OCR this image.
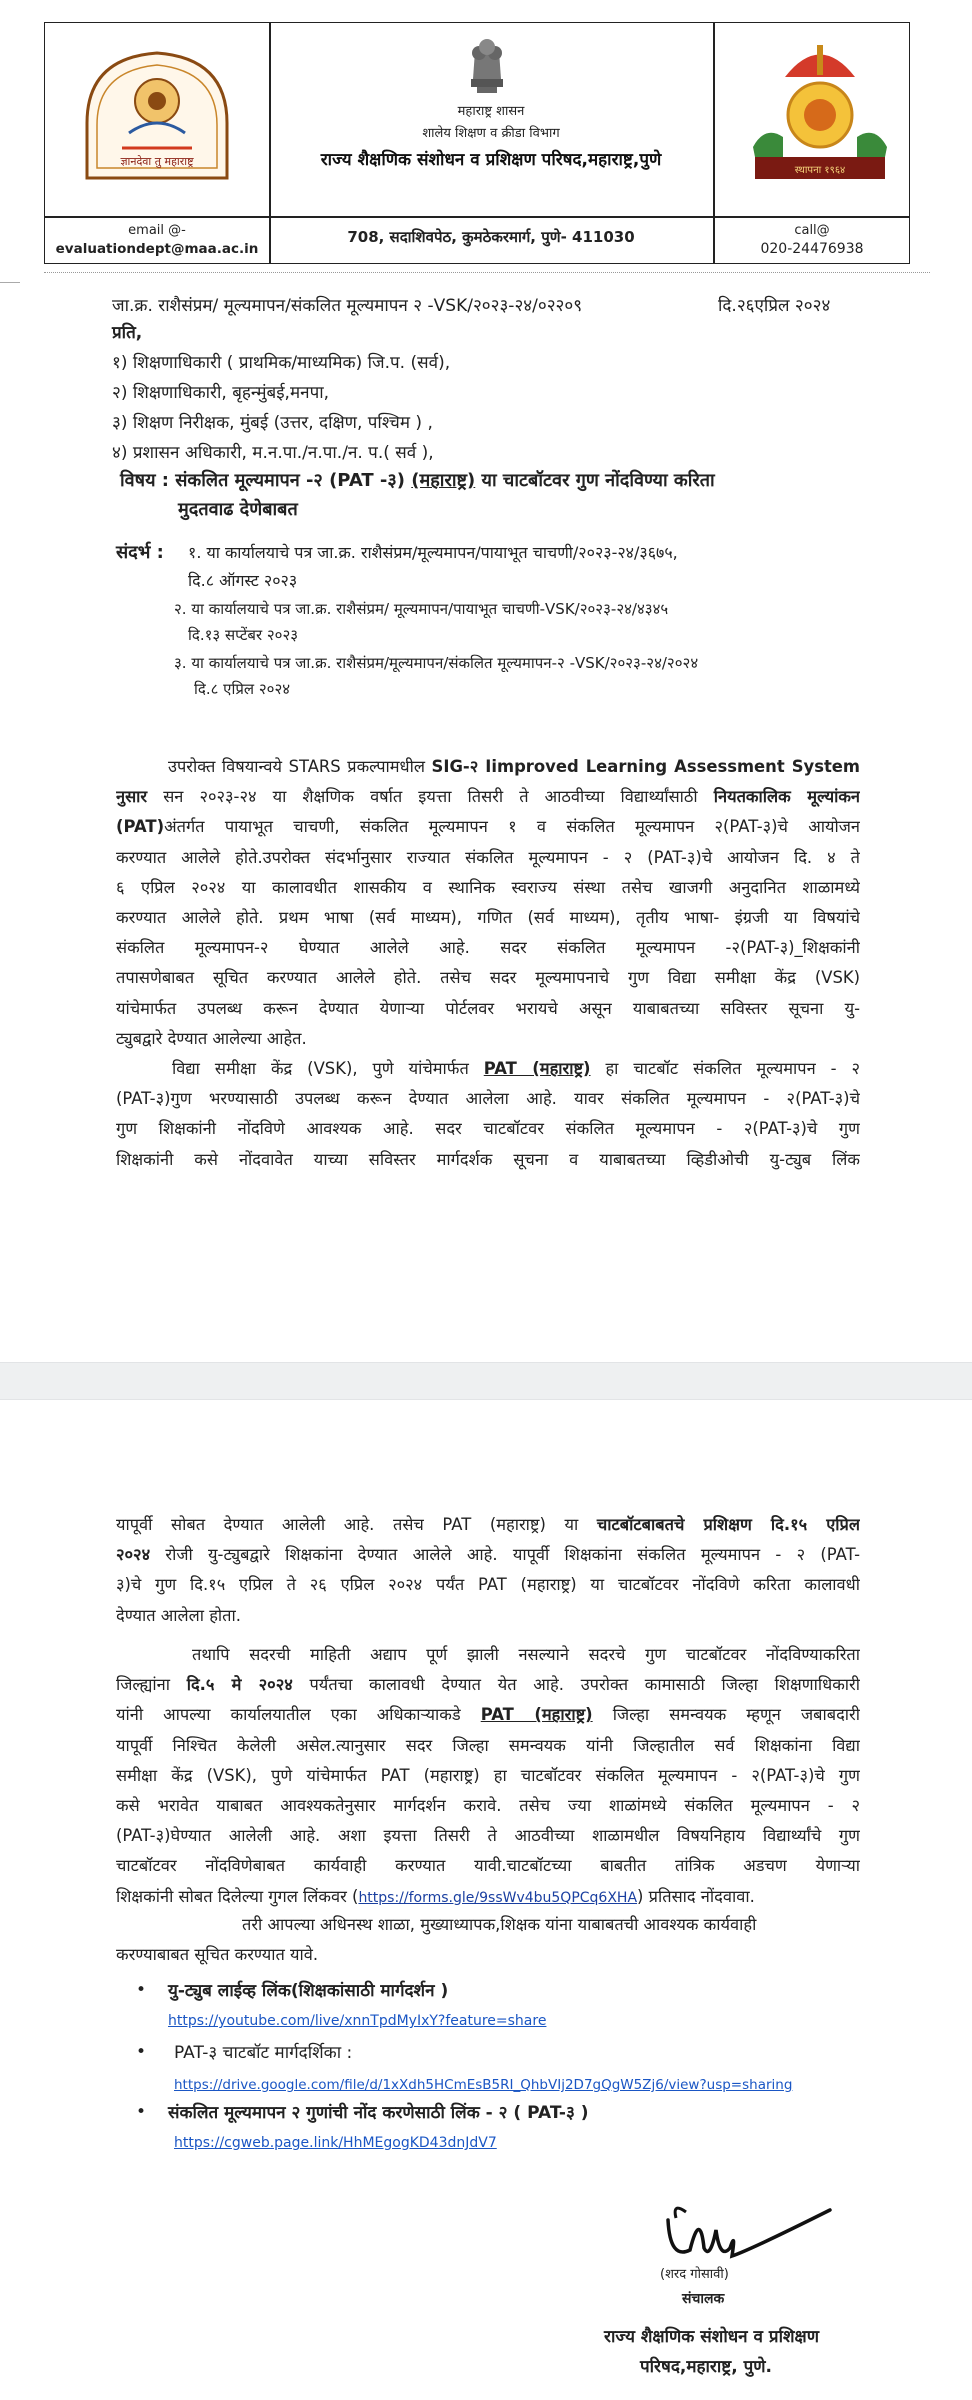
ज्ञानदेवा तु महाराष्ट्र
महाराष्ट्र शासन
शालेय शिक्षण व क्रीडा विभाग
राज्य शैक्षणिक संशोधन व प्रशिक्षण परिषद,महाराष्ट्र,पुणे
स्थापना १९६४
email @-
evaluationdept@maa.ac.in
708, सदाशिवपेठ, कुमठेकरमार्ग, पुणे- 411030	call@
020-24476938
जा.क्र. राशैसंप्रम/ मूल्यमापन/संकलित मूल्यमापन २ -VSK/२०२३-२४/०२२०९	दि.२६एप्रिल २०२४
प्रति,
१) शिक्षणाधिकारी ( प्राथमिक/माध्यमिक) जि.प. (सर्व),
२) शिक्षणाधिकारी, बृहन्मुंबई,मनपा,
३) शिक्षण निरीक्षक, मुंबई (उत्तर, दक्षिण, पश्चिम ) ,
४) प्रशासन अधिकारी, म.न.पा./न.पा./न. प.( सर्व ),
विषय : संकलित मूल्यमापन -२ (PAT -३) (महाराष्ट्र) या चाटबॉटवर गुण नोंदविण्या करिता
मुदतवाढ देणेबाबत
संदर्भ : १. या कार्यालयाचे पत्र जा.क्र. राशैसंप्रम/मूल्यमापन/पायाभूत चाचणी/२०२३-२४/३६७५,
दि.८ ऑगस्ट २०२३
२. या कार्यालयाचे पत्र जा.क्र. राशैसंप्रम/ मूल्यमापन/पायाभूत चाचणी-VSK/२०२३-२४/४३४५
दि.१३ सप्टेंबर २०२३
३. या कार्यालयाचे पत्र जा.क्र. राशैसंप्रम/मूल्यमापन/संकलित मूल्यमापन-२ -VSK/२०२३-२४/२०२४
दि.८ एप्रिल २०२४
उपरोक्त विषयान्वये STARS प्रकल्पामधील SIG-२ Iimproved Learning Assessment System
नुसार सन २०२३-२४ या शैक्षणिक वर्षात इयत्ता तिसरी ते आठवीच्या विद्यार्थ्यांसाठी नियतकालिक मूल्यांकन
(PAT)अंतर्गत पायाभूत चाचणी, संकलित मूल्यमापन १ व संकलित मूल्यमापन २(PAT-३)चे आयोजन
करण्यात आलेले होते.उपरोक्त संदर्भानुसार राज्यात संकलित मूल्यमापन - २ (PAT-३)चे आयोजन दि. ४ ते
६ एप्रिल २०२४ या कालावधीत शासकीय व स्थानिक स्वराज्य संस्था तसेच खाजगी अनुदानित शाळामध्ये
करण्यात आलेले होते. प्रथम भाषा (सर्व माध्यम), गणित (सर्व माध्यम), तृतीय भाषा- इंग्रजी या विषयांचे
संकलित मूल्यमापन-२ घेण्यात आलेले आहे. सदर संकलित मूल्यमापन -२(PAT-३)_शिक्षकांनी
तपासणेबाबत सूचित करण्यात आलेले होते. तसेच सदर मूल्यमापनाचे गुण विद्या समीक्षा केंद्र (VSK)
यांचेमार्फत उपलब्ध करून देण्यात येणाऱ्या पोर्टलवर भरायचे असून याबाबतच्या सविस्तर सूचना यु-
ट्युबद्वारे देण्यात आलेल्या आहेत.
विद्या समीक्षा केंद्र (VSK), पुणे यांचेमार्फत PAT (महाराष्ट्र) हा चाटबॉट संकलित मूल्यमापन - २
(PAT-३)गुण भरण्यासाठी उपलब्ध करून देण्यात आलेला आहे. यावर संकलित मूल्यमापन - २(PAT-३)चे
गुण शिक्षकांनी नोंदविणे आवश्यक आहे. सदर चाटबॉटवर संकलित मूल्यमापन - २(PAT-३)चे गुण
शिक्षकांनी कसे नोंदवावेत याच्या सविस्तर मार्गदर्शक सूचना व याबाबतच्या व्हिडीओची यु-ट्युब लिंक
यापूर्वी सोबत देण्यात आलेली आहे. तसेच PAT (महाराष्ट्र) या चाटबॉटबाबतचे प्रशिक्षण दि.१५ एप्रिल
२०२४ रोजी यु-ट्युबद्वारे शिक्षकांना देण्यात आलेले आहे. यापूर्वी शिक्षकांना संकलित मूल्यमापन - २ (PAT-
३)चे गुण दि.१५ एप्रिल ते २६ एप्रिल २०२४ पर्यंत PAT (महाराष्ट्र) या चाटबॉटवर नोंदविणे करिता कालावधी
देण्यात आलेला होता.
तथापि सदरची माहिती अद्याप पूर्ण झाली नसल्याने सदरचे गुण चाटबॉटवर नोंदविण्याकरिता
जिल्ह्यांना दि.५ मे २०२४ पर्यंतचा कालावधी देण्यात येत आहे. उपरोक्त कामासाठी जिल्हा शिक्षणाधिकारी
यांनी आपल्या कार्यालयातील एका अधिकाऱ्याकडे PAT (महाराष्ट्र) जिल्हा समन्वयक म्हणून जबाबदारी
यापूर्वी निश्चित केलेली असेल.त्यानुसार सदर जिल्हा समन्वयक यांनी जिल्हातील सर्व शिक्षकांना विद्या
समीक्षा केंद्र (VSK), पुणे यांचेमार्फत PAT (महाराष्ट्र) हा चाटबॉटवर संकलित मूल्यमापन - २(PAT-३)चे गुण
कसे भरावेत याबाबत आवश्यकतेनुसार मार्गदर्शन करावे. तसेच ज्या शाळांमध्ये संकलित मूल्यमापन - २
(PAT-३)घेण्यात आलेली आहे. अशा इयत्ता तिसरी ते आठवीच्या शाळामधील विषयनिहाय विद्यार्थ्यांचे गुण
चाटबॉटवर नोंदविणेबाबत कार्यवाही करण्यात यावी.चाटबॉटच्या बाबतीत तांत्रिक अडचण येणाऱ्या
शिक्षकांनी सोबत दिलेल्या गुगल लिंकवर (https://forms.gle/9ssWv4bu5QPCq6XHA) प्रतिसाद नोंदवावा.
तरी आपल्या अधिनस्थ शाळा, मुख्याध्यापक,शिक्षक यांना याबाबतची आवश्यक कार्यवाही
करण्याबाबत सूचित करण्यात यावे.
• यु-ट्युब लाईव्ह लिंक(शिक्षकांसाठी मार्गदर्शन )
https://youtube.com/live/xnnTpdMyIxY?feature=share
• PAT-३ चाटबॉट मार्गदर्शिका :
https://drive.google.com/file/d/1xXdh5HCmEsB5RI_QhbVIj2D7gQgW5Zj6/view?usp=sharing
• संकलित मूल्यमापन २ गुणांची नोंद करणेसाठी लिंक - २ ( PAT-३ )
https://cgweb.page.link/HhMEgogKD43dnJdV7
(शरद गोसावी)
संचालक
राज्य शैक्षणिक संशोधन व प्रशिक्षण
परिषद,महाराष्ट्र, पुणे.
